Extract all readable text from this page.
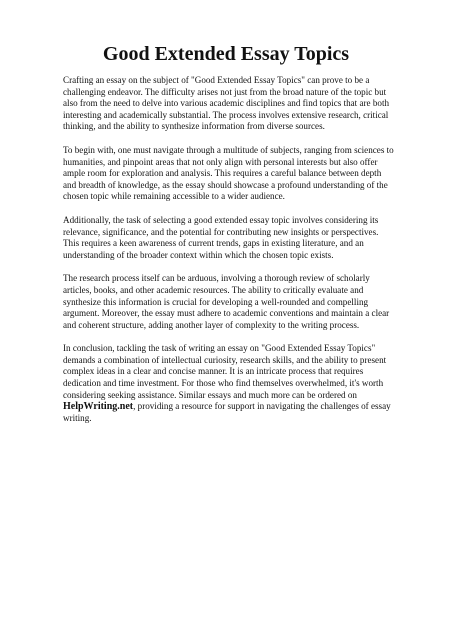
Good Extended Essay Topics

Crafting an essay on the subject of "Good Extended Essay Topics" can prove to be a challenging endeavor. The difficulty arises not just from the broad nature of the topic but also from the need to delve into various academic disciplines and find topics that are both interesting and academically substantial. The process involves extensive research, critical thinking, and the ability to synthesize information from diverse sources.

To begin with, one must navigate through a multitude of subjects, ranging from sciences to humanities, and pinpoint areas that not only align with personal interests but also offer ample room for exploration and analysis. This requires a careful balance between depth and breadth of knowledge, as the essay should showcase a profound understanding of the chosen topic while remaining accessible to a wider audience.

Additionally, the task of selecting a good extended essay topic involves considering its relevance, significance, and the potential for contributing new insights or perspectives. This requires a keen awareness of current trends, gaps in existing literature, and an understanding of the broader context within which the chosen topic exists.

The research process itself can be arduous, involving a thorough review of scholarly articles, books, and other academic resources. The ability to critically evaluate and synthesize this information is crucial for developing a well-rounded and compelling argument. Moreover, the essay must adhere to academic conventions and maintain a clear and coherent structure, adding another layer of complexity to the writing process.

In conclusion, tackling the task of writing an essay on "Good Extended Essay Topics" demands a combination of intellectual curiosity, research skills, and the ability to present complex ideas in a clear and concise manner. It is an intricate process that requires dedication and time investment. For those who find themselves overwhelmed, it's worth considering seeking assistance. Similar essays and much more can be ordered on HelpWriting.net, providing a resource for support in navigating the challenges of essay writing.
